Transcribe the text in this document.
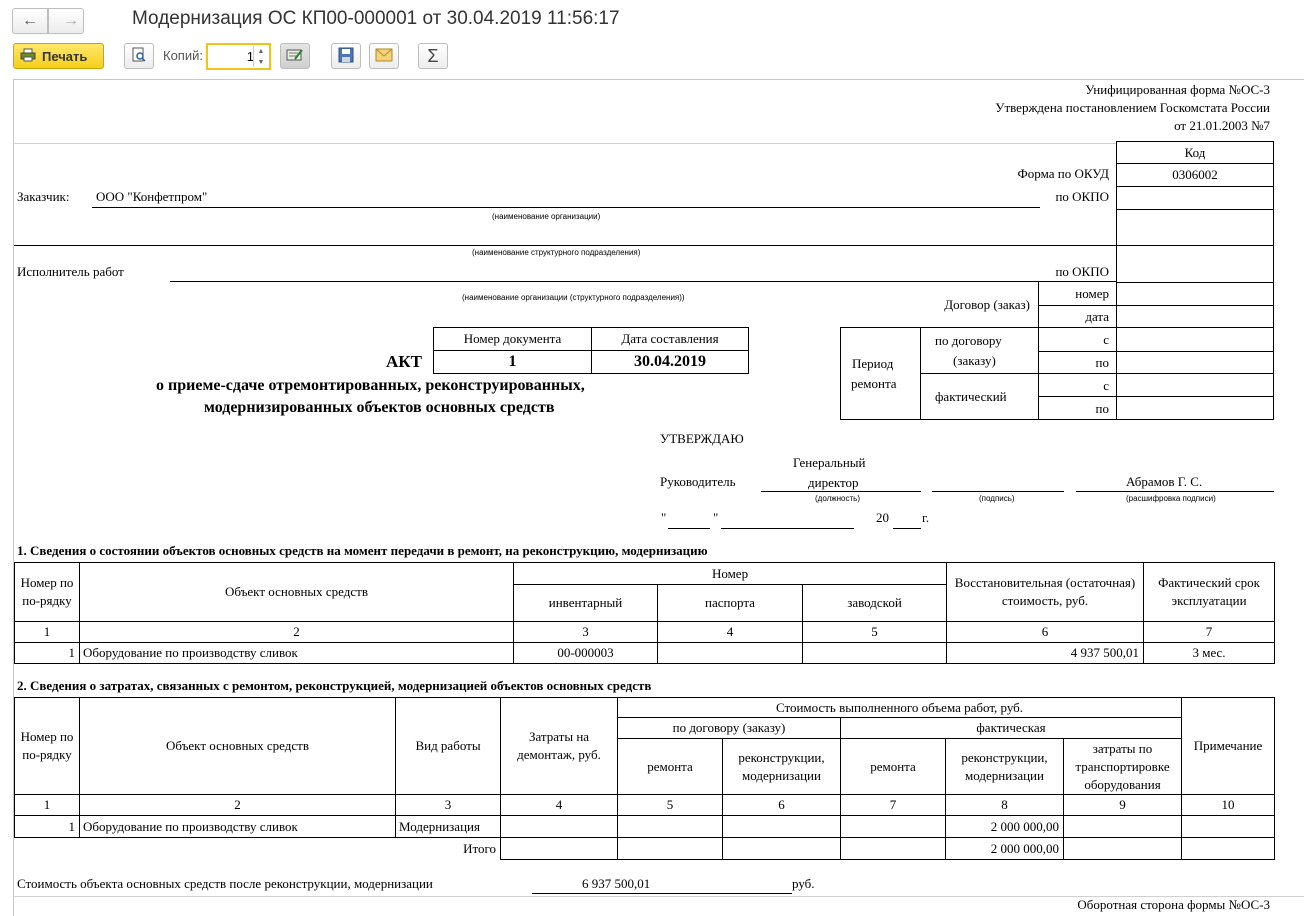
← →	Модернизация ОС КП00-000001 от 30.04.2019 11:56:17
Печать	Копий:
1	▲
▼	Σ
Унифицированная форма №ОС-3
Утверждена постановлением Госкомстата России
от 21.01.2003 №7
Код
0306002
Форма по ОКУД
по ОКПО
Заказчик: ООО "Конфетпром"
(наименование организации)
(наименование структурного подразделения)
Исполнитель работ	по ОКПО
(наименование организации (структурного подразделения))	Договор (заказ)
номер
дата
Период
ремонта
по договору
(заказу)
фактический
с
по
с
по
Номер документа	Дата составления
1	30.04.2019
АКТ
о приеме-сдаче отремонтированных, реконструированных,
модернизированных объектов основных средств
УТВЕРЖДАЮ
Руководитель
Генеральный
директор	Абрамов Г. С.
(должность)	(подпись)	(расшифровка подписи)
"	"	20	г.
1. Сведения о состоянии объектов основных средств на момент передачи в ремонт, на реконструкцию, модернизацию
Номер по по-рядку	Объект основных средств	Номер			Восстановительная (остаточная) стоимость, руб.	Фактический срок эксплуатации
		инвентарный	паспорта	заводской		
1	2	3	4	5	6	7
1	Оборудование по производству сливок	00-000003			4 937 500,01	3 мес.
2. Сведения о затратах, связанных с ремонтом, реконструкцией, модернизацией объектов основных средств
Номер по по-рядку	Объект основных средств	Вид работы	Затраты на демонтаж, руб.	Стоимость выполненного объема работ, руб.					Примечание
				по договору (заказу)		фактическая			
				ремонта	реконструкции, модернизации	ремонта	реконструкции, модернизации	затраты по транспортировке оборудования	
1	2	3	4	5	6	7	8	9	10
1	Оборудование по производству сливок	Модернизация					2 000 000,00		
		Итого					2 000 000,00		
Стоимость объекта основных средств после реконструкции, модернизации	6 937 500,01	руб.
Оборотная сторона формы №ОС-3
